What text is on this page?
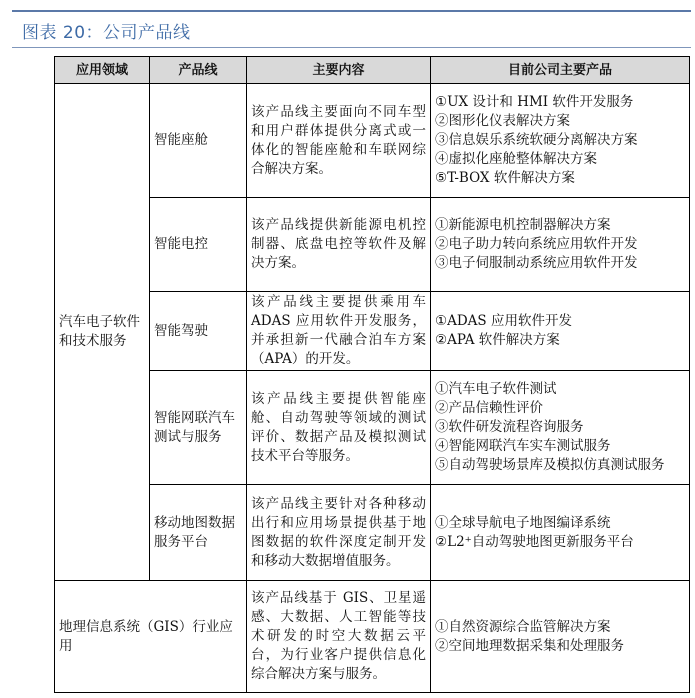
图表 20：公司产品线
应用领域	产品线	主要内容	目前公司主要产品
汽车电子软件和技术服务	智能座舱	该产品线主要面向不同车型和用户群体提供分离式或一体化的智能座舱和车联网综合解决方案。	①UX 设计和 HMI 软件开发服务
②图形化仪表解决方案
③信息娱乐系统软硬分离解决方案
④虚拟化座舱整体解决方案
⑤T-BOX 软件解决方案

	智能电控	该产品线提供新能源电机控制器、底盘电控等软件及解决方案。	①新能源电机控制器解决方案
②电子助力转向系统应用软件开发
③电子伺服制动系统应用软件开发

	智能驾驶	该产品线主要提供乘用车 ADAS 应用软件开发服务，并承担新一代融合泊车方案（APA）的开发。	①ADAS 应用软件开发
②APA 软件解决方案

	智能网联汽车测试与服务	该产品线主要提供智能座舱、自动驾驶等领域的测试评价、数据产品及模拟测试技术平台等服务。	①汽车电子软件测试
②产品信赖性评价
③软件研发流程咨询服务
④智能网联汽车实车测试服务
⑤自动驾驶场景库及模拟仿真测试服务

	移动地图数据服务平台	该产品线主要针对各种移动出行和应用场景提供基于地图数据的软件深度定制开发和移动大数据增值服务。	①全球导航电子地图编译系统
②L2⁺自动驾驶地图更新服务平台

地理信息系统（GIS）行业应用		该产品线基于 GIS、卫星遥感、大数据、人工智能等技术研发的时空大数据云平台，为行业客户提供信息化综合解决方案与服务。	①自然资源综合监管解决方案
②空间地理数据采集和处理服务
